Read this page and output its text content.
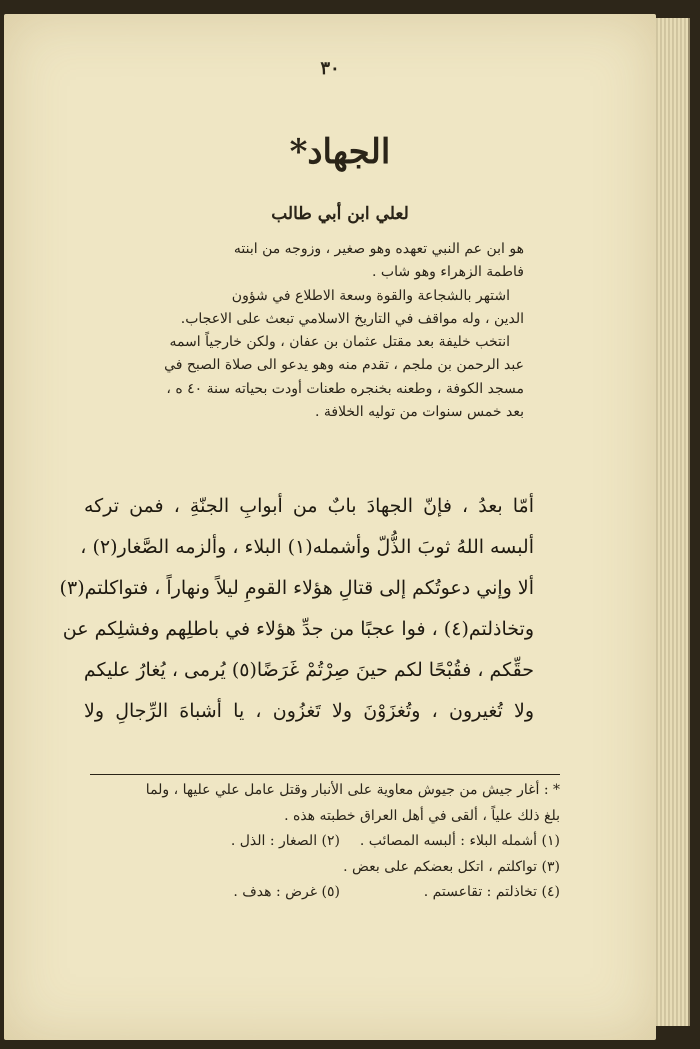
٣٠
الجهاد*
لعلي ابن أبي طالب
هو ابن عم النبي تعهده وهو صغير ، وزوجه من ابنته
فاطمة الزهراء وهو شاب .
اشتهر بالشجاعة والقوة وسعة الاطلاع في شؤون
الدين ، وله مواقف في التاريخ الاسلامي تبعث على الاعجاب.
انتخب خليفة بعد مقتل عثمان بن عفان ، ولكن خارجياً اسمه
عبد الرحمن بن ملجم ، تقدم منه وهو يدعو الى صلاة الصبح في
مسجد الكوفة ، وطعنه بخنجره طعنات أودت بحياته سنة ٤٠ ه ،
بعد خمس سنوات من توليه الخلافة .
أمّا بعدُ ، فإنّ الجهادَ بابٌ من أبوابِ الجنّةِ ، فمن تركه
ألبسه اللهُ ثوبَ الذُّلّ وأشمله(١) البلاء ، وألزمه الصَّغار(٢) ،
ألا وإني دعوتُكم إلى قتالِ هؤلاء القومِ ليلاً ونهاراً ، فتواكلتم(٣)
وتخاذلتم(٤) ، فوا عجبًا من جدِّ هؤلاء في باطلِهم وفشلِكم عن
حقِّكم ، فقُبْحًا لكم حينَ صِرْتُمْ غَرَضًا(٥) يُرمى ، يُغارُ عليكم
ولا تُغيرون ، وتُغزَوْنَ ولا تَغزُون ، يا أشباهَ الرِّجالِ ولا
* : أغار جيش من جيوش معاوية على الأنبار وقتل عامل علي عليها ، ولما
بلغ ذلك علياً ، ألقى في أهل العراق خطبته هذه .
(١) أشمله البلاء : ألبسه المصائب .
(٢) الصغار : الذل .
(٣) تواكلتم ، اتكل بعضكم على بعض .
(٤) تخاذلتم : تقاعستم .
(٥) غرض : هدف .
